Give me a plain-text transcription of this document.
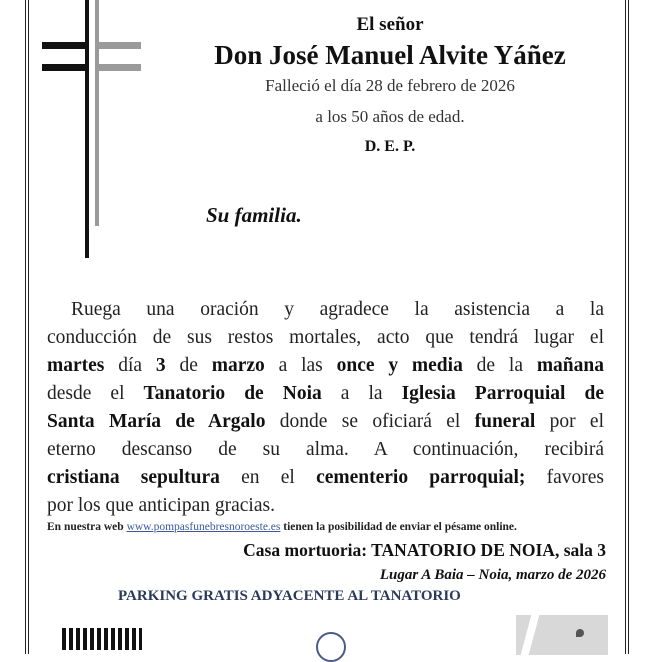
El señor
Don José Manuel Alvite Yáñez
Falleció el día 28 de febrero de 2026
a los 50 años de edad.
D. E. P.
Su familia.
Ruega una oración y agradece la asistencia a la
conducción de sus restos mortales, acto que tendrá lugar el
martes día 3 de marzo a las once y media de la mañana
desde el Tanatorio de Noia a la Iglesia Parroquial de
Santa María de Argalo donde se oficiará el funeral por el
eterno descanso de su alma. A continuación, recibirá
cristiana sepultura en el cementerio parroquial; favores
por los que anticipan gracias.
En nuestra web www.pompasfunebresnoroeste.es tienen la posibilidad de enviar el pésame online.
Casa mortuoria: TANATORIO DE NOIA, sala 3
Lugar A Baia – Noia, marzo de 2026
PARKING GRATIS ADYACENTE AL TANATORIO
